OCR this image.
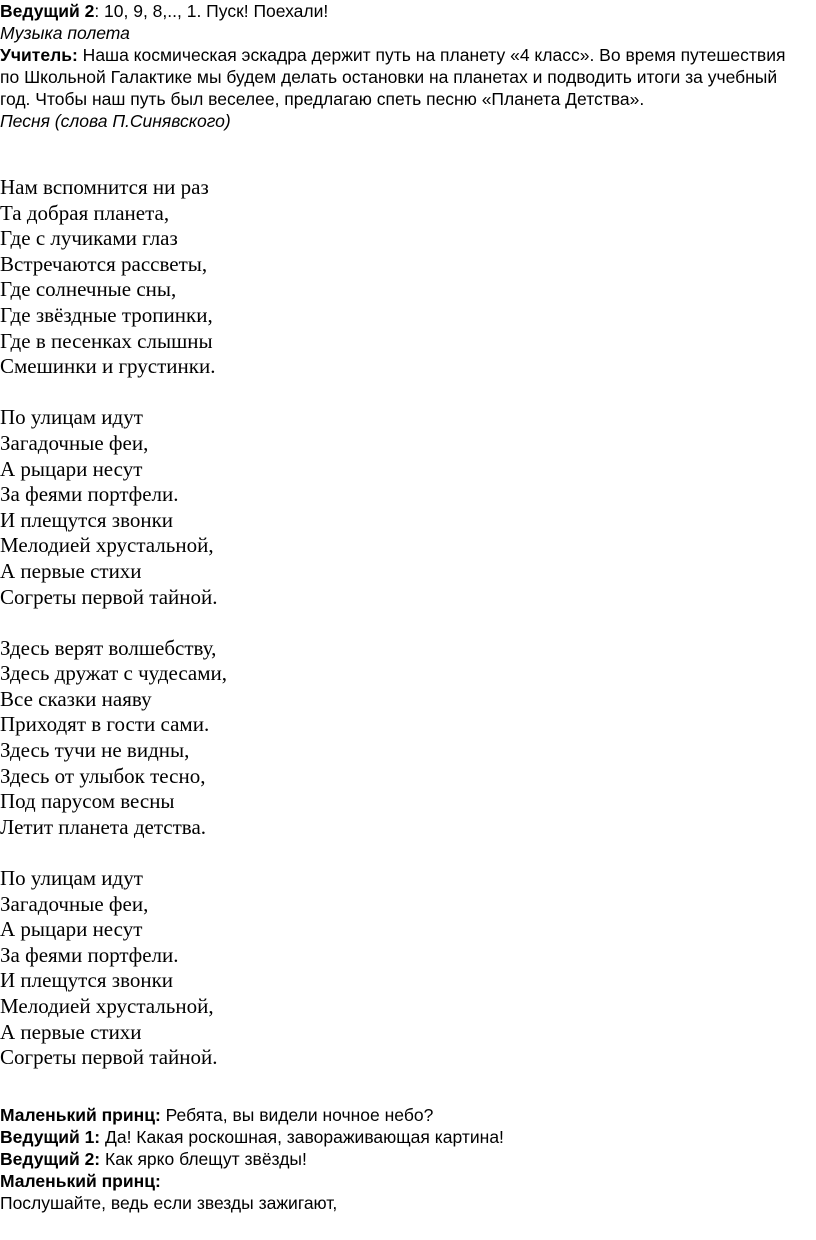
Ведущий 2: 10, 9, 8,.., 1. Пуск! Поехали!

Музыка полета

Учитель: Наша космическая эскадра держит путь на планету «4 класс». Во время путешествия по Школьной Галактике мы будем делать остановки на планетах и подводить итоги за учебный год. Чтобы наш путь был веселее, предлагаю спеть песню «Планета Детства».

Песня (слова П.Синявского)

Нам вспомнится ни раз
Та добрая планета,
Где с лучиками глаз
Встречаются рассветы,
Где солнечные сны,
Где звёздные тропинки,
Где в песенках слышны
Смешинки и грустинки.
По улицам идут
Загадочные феи,
А рыцари несут
За феями портфели.
И плещутся звонки
Мелодией хрустальной,
А первые стихи
Согреты первой тайной.
Здесь верят волшебству,
Здесь дружат с чудесами,
Все сказки наяву
Приходят в гости сами.
Здесь тучи не видны,
Здесь от улыбок тесно,
Под парусом весны
Летит планета детства.
По улицам идут
Загадочные феи,
А рыцари несут
За феями портфели.
И плещутся звонки
Мелодией хрустальной,
А первые стихи
Согреты первой тайной.

Маленький принц: Ребята, вы видели ночное небо?

Ведущий 1: Да! Какая роскошная, завораживающая картина!

Ведущий 2: Как ярко блещут звёзды!

Маленький принц:

Послушайте, ведь если звезды зажигают,
